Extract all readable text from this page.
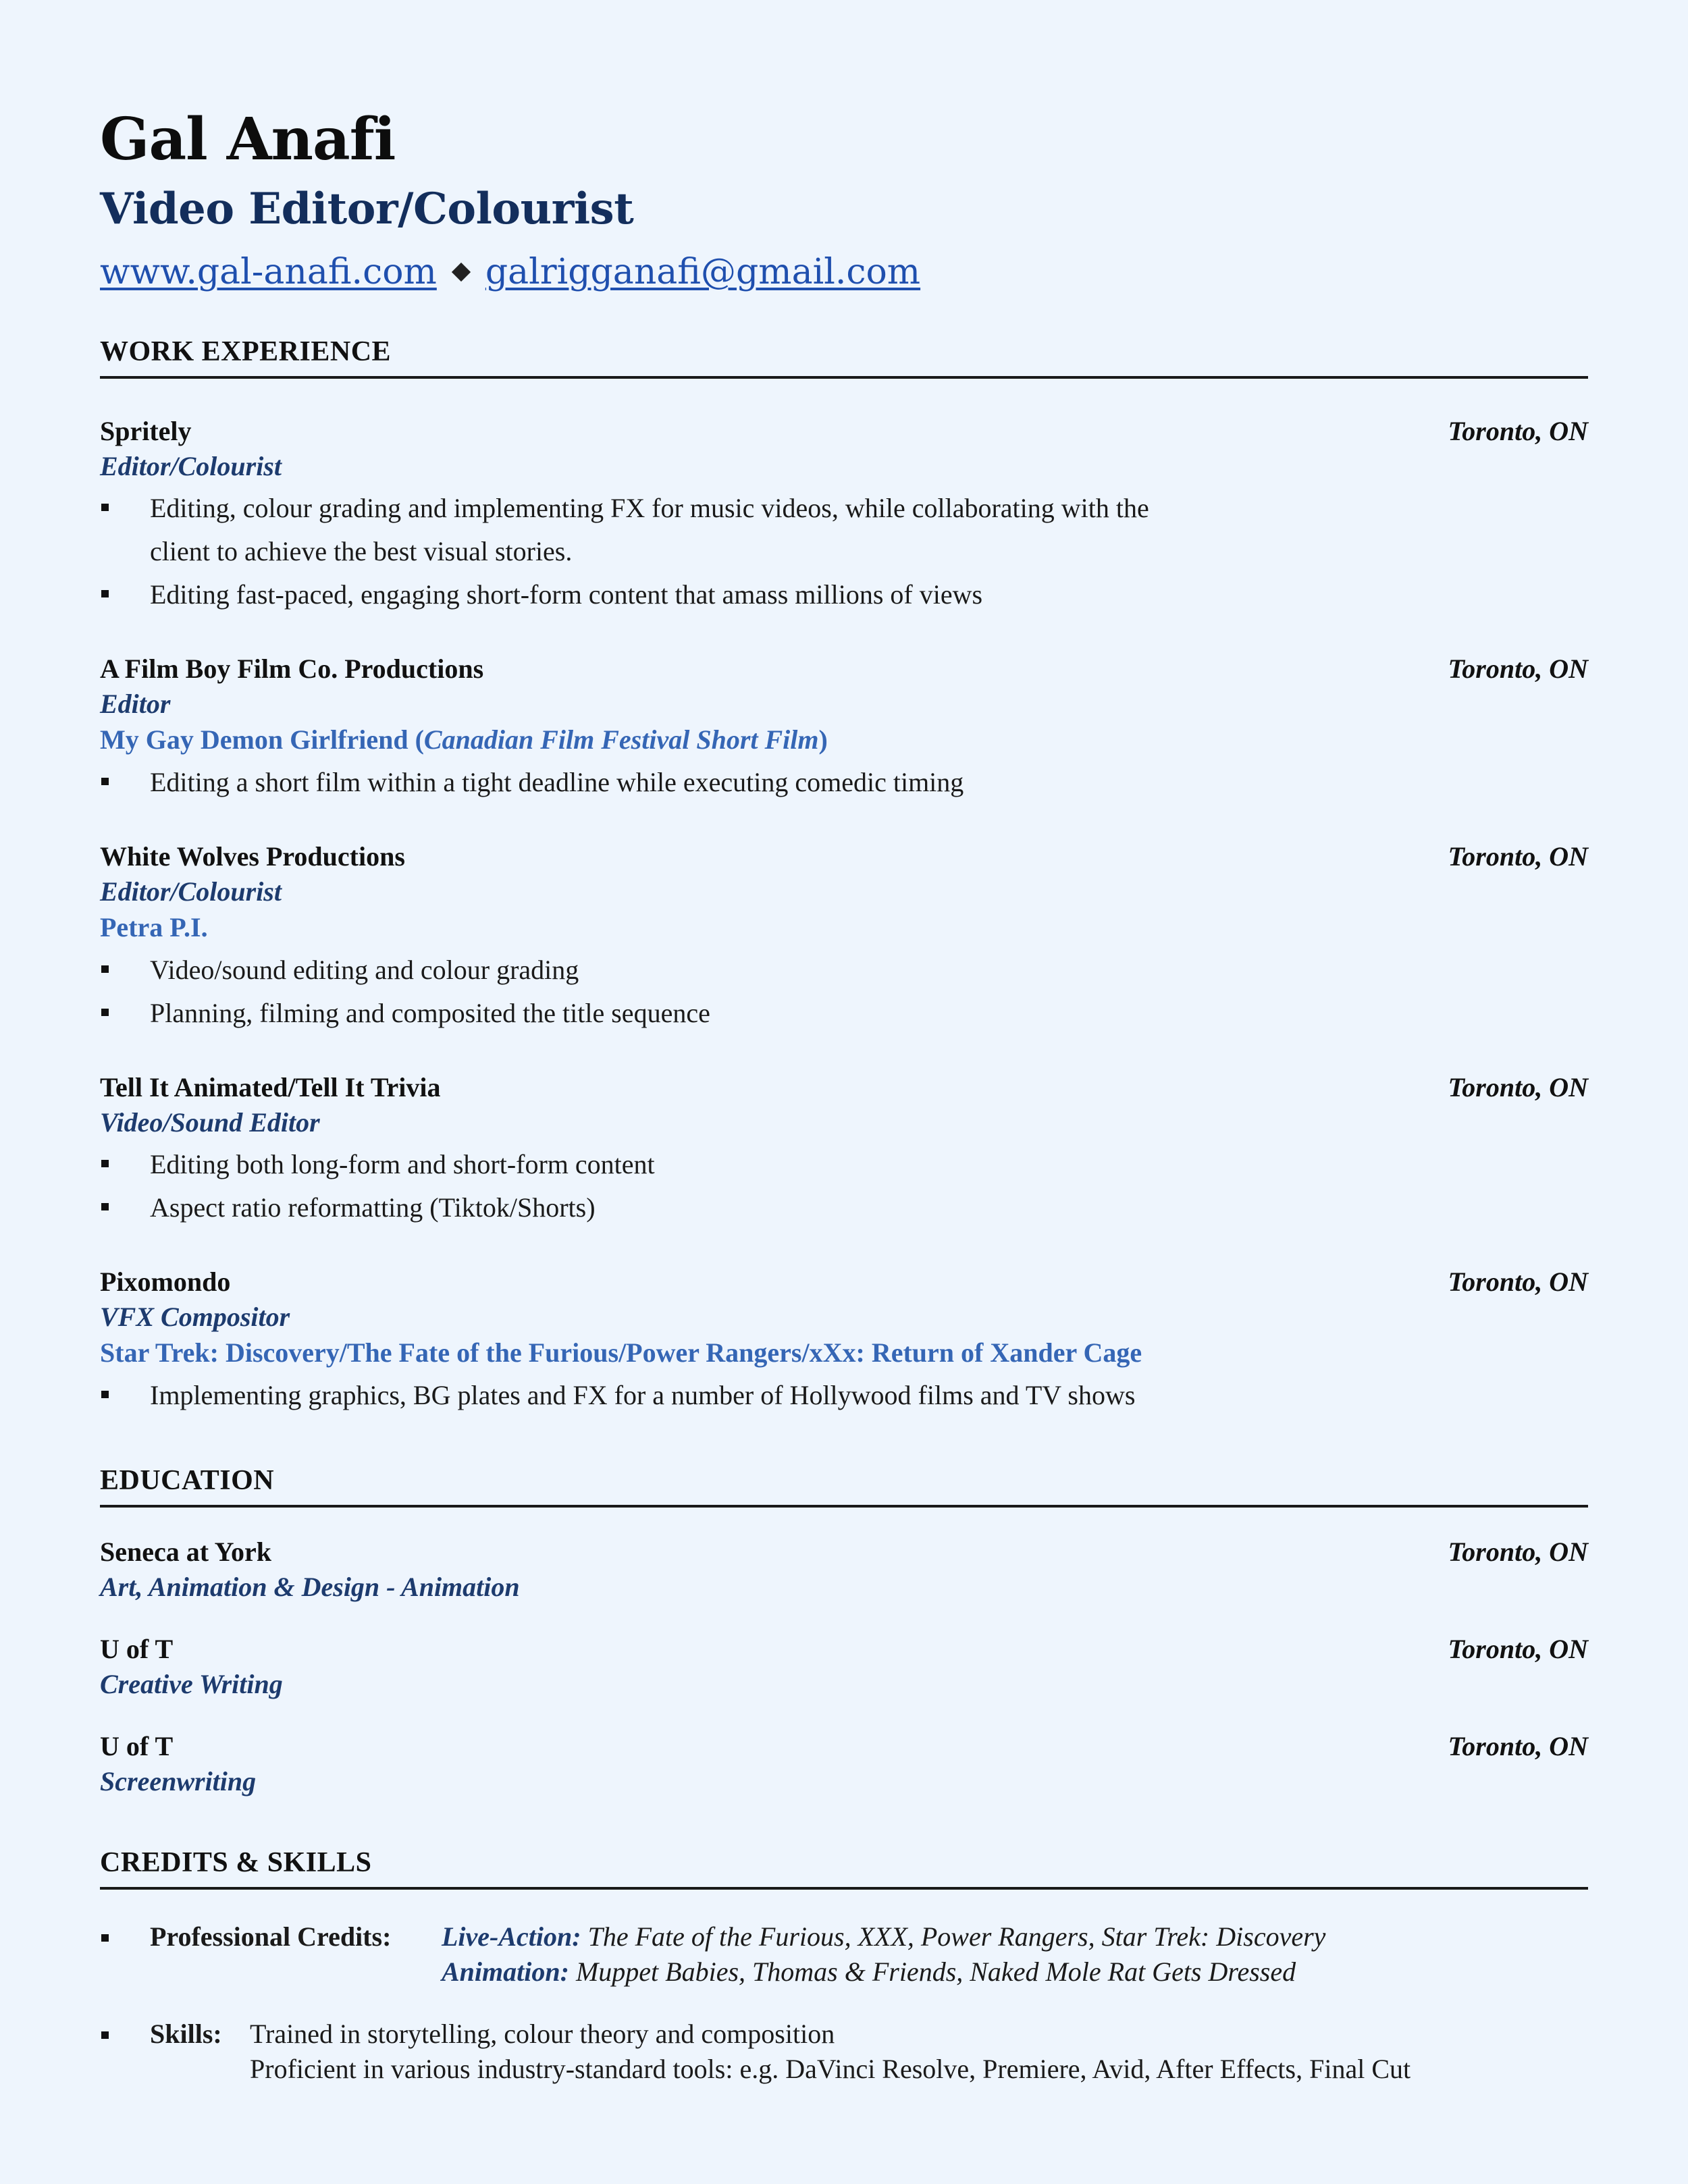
Gal Anafi
Video Editor/Colourist
www.gal-anafi.com galrigganafi@gmail.com
WORK EXPERIENCE
Spritely	Toronto, ON
Editor/Colourist
Editing, colour grading and implementing FX for music videos, while collaborating with the client to achieve the best visual stories.
Editing fast-paced, engaging short-form content that amass millions of views
A Film Boy Film Co. Productions	Toronto, ON
Editor
My Gay Demon Girlfriend (Canadian Film Festival Short Film)
Editing a short film within a tight deadline while executing comedic timing
White Wolves Productions	Toronto, ON
Editor/Colourist
Petra P.I.
Video/sound editing and colour grading
Planning, filming and composited the title sequence
Tell It Animated/Tell It Trivia	Toronto, ON
Video/Sound Editor
Editing both long-form and short-form content
Aspect ratio reformatting (Tiktok/Shorts)
Pixomondo	Toronto, ON
VFX Compositor
Star Trek: Discovery/The Fate of the Furious/Power Rangers/xXx: Return of Xander Cage
Implementing graphics, BG plates and FX for a number of Hollywood films and TV shows
EDUCATION
Seneca at York	Toronto, ON
Art, Animation & Design - Animation
U of T	Toronto, ON
Creative Writing
U of T	Toronto, ON
Screenwriting
CREDITS & SKILLS
Professional Credits:	Live-Action: The Fate of the Furious, XXX, Power Rangers, Star Trek: Discovery
Animation: Muppet Babies, Thomas & Friends, Naked Mole Rat Gets Dressed
Skills:	Trained in storytelling, colour theory and composition
Proficient in various industry-standard tools: e.g. DaVinci Resolve, Premiere, Avid, After Effects, Final Cut
